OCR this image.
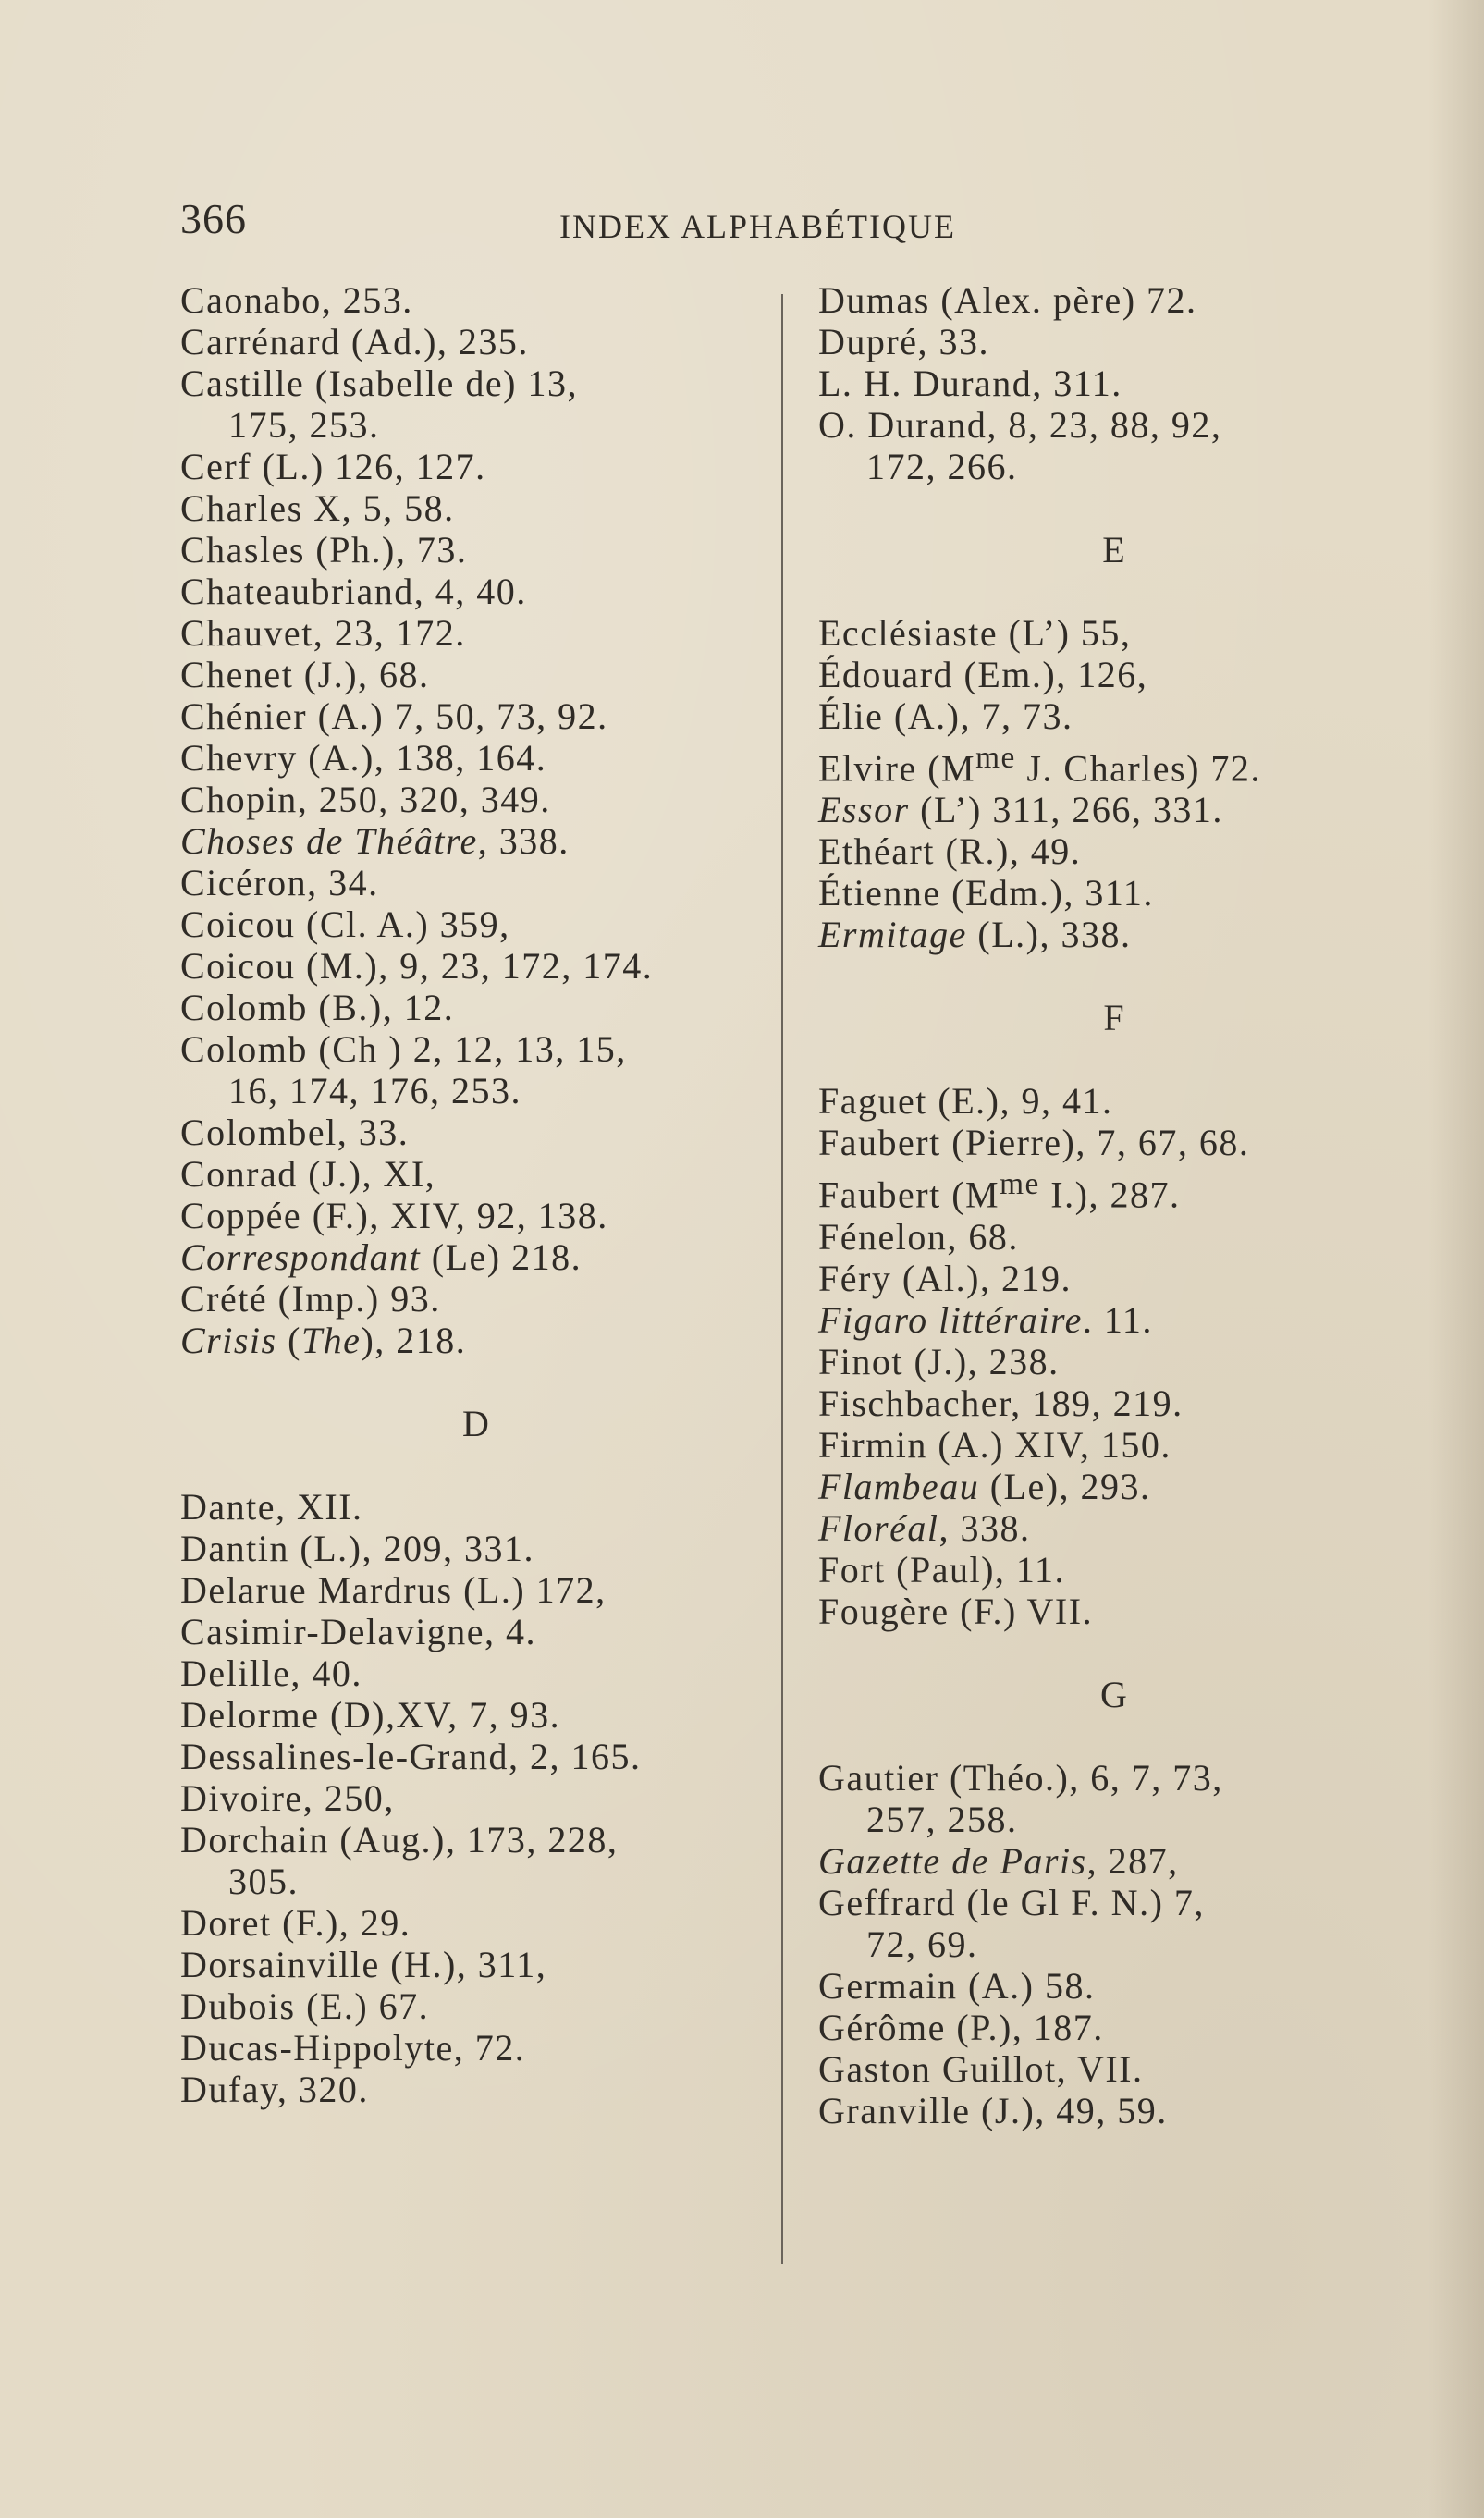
366	INDEX ALPHABÉTIQUE

Caonabo, 253.

Carrénard (Ad.), 235.

Castille (Isabelle de) 13,

175, 253.

Cerf (L.) 126, 127.

Charles X, 5, 58.

Chasles (Ph.), 73.

Chateaubriand, 4, 40.

Chauvet, 23, 172.

Chenet (J.), 68.

Chénier (A.) 7, 50, 73, 92.

Chevry (A.), 138, 164.

Chopin, 250, 320, 349.

Choses de Théâtre, 338.

Cicéron, 34.

Coicou (Cl. A.) 359,

Coicou (M.), 9, 23, 172, 174.

Colomb (B.), 12.

Colomb (Ch ) 2, 12, 13, 15,

16, 174, 176, 253.

Colombel, 33.

Conrad (J.), XI,

Coppée (F.), XIV, 92, 138.

Correspondant (Le) 218.

Crété (Imp.) 93.

Crisis (The), 218.

D

Dante, XII.

Dantin (L.), 209, 331.

Delarue Mardrus (L.) 172,

Casimir-Delavigne, 4.

Delille, 40.

Delorme (D),XV, 7, 93.

Dessalines-le-Grand, 2, 165.

Divoire, 250,

Dorchain (Aug.), 173, 228,

305.

Doret (F.), 29.

Dorsainville (H.), 311,

Dubois (E.) 67.

Ducas-Hippolyte, 72.

Dufay, 320.

Dumas (Alex. père) 72.

Dupré, 33.

L. H. Durand, 311.

O. Durand, 8, 23, 88, 92,

172, 266.

E

Ecclésiaste (L’) 55,

Édouard (Em.), 126,

Élie (A.), 7, 73.

Elvire ($M^{me}$ J. Charles) 72.

Essor (L’) 311, 266, 331.

Ethéart (R.), 49.

Étienne (Edm.), 311.

Ermitage (L.), 338.

F

Faguet (E.), 9, 41.

Faubert (Pierre), 7, 67, 68.

Faubert ($M^{me}$ I.), 287.

Fénelon, 68.

Féry (Al.), 219.

Figaro littéraire. 11.

Finot (J.), 238.

Fischbacher, 189, 219.

Firmin (A.) XIV, 150.

Flambeau (Le), 293.

Floréal, 338.

Fort (Paul), 11.

Fougère (F.) VII.

G

Gautier (Théo.), 6, 7, 73,

257, 258.

Gazette de Paris, 287,

Geffrard (le Gl F. N.) 7,

72, 69.

Germain (A.) 58.

Gérôme (P.), 187.

Gaston Guillot, VII.

Granville (J.), 49, 59.
